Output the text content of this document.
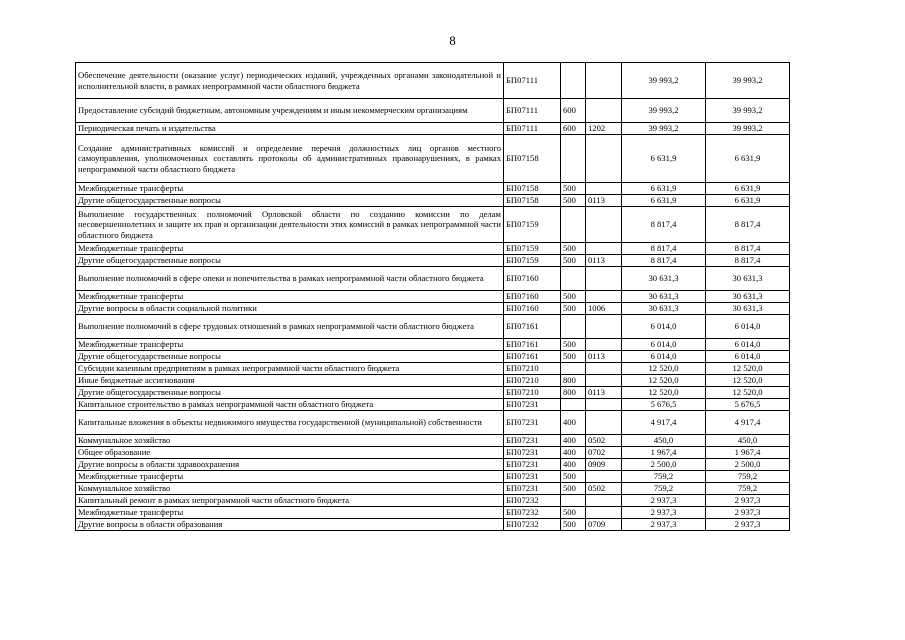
8
Обеспечение деятельности (оказание услуг) периодических изданий, учрежденных органами законодательной и исполнительной власти, в рамках непрограммной части областного бюджета	БП07111			39 993,2	39 993,2
Предоставление субсидий бюджетным, автономным учреждениям и иным некоммерческим организациям	БП07111	600		39 993,2	39 993,2
Периодическая печать и издательства	БП07111	600	1202	39 993,2	39 993,2
Создание административных комиссий и определение перечня должностных лиц органов местного самоуправления, уполномоченных составлять протоколы об административных правонарушениях, в рамках непрограммной части областного бюджета	БП07158			6 631,9	6 631,9
Межбюджетные трансферты	БП07158	500		6 631,9	6 631,9
Другие общегосударственные вопросы	БП07158	500	0113	6 631,9	6 631,9
Выполнение государственных полномочий Орловской области по созданию комиссии по делам несовершеннолетних и защите их прав и организации деятельности этих комиссий в рамках непрограммной части областного бюджета	БП07159			8 817,4	8 817,4
Межбюджетные трансферты	БП07159	500		8 817,4	8 817,4
Другие общегосударственные вопросы	БП07159	500	0113	8 817,4	8 817,4
Выполнение полномочий в сфере опеки и попечительства в рамках непрограммной части областного бюджета	БП07160			30 631,3	30 631,3
Межбюджетные трансферты	БП07160	500		30 631,3	30 631,3
Другие вопросы в области социальной политики	БП07160	500	1006	30 631,3	30 631,3
Выполнение полномочий в сфере трудовых отношений в рамках непрограммной части областного бюджета	БП07161			6 014,0	6 014,0
Межбюджетные трансферты	БП07161	500		6 014,0	6 014,0
Другие общегосударственные вопросы	БП07161	500	0113	6 014,0	6 014,0
Субсидии казенным предприятиям в рамках непрограммной части областного бюджета	БП07210			12 520,0	12 520,0
Иные бюджетные ассигнования	БП07210	800		12 520,0	12 520,0
Другие общегосударственные вопросы	БП07210	800	0113	12 520,0	12 520,0
Капитальное строительство в рамках непрограммной части областного бюджета	БП07231			5 676,5	5 676,5
Капитальные вложения в объекты недвижимого имущества государственной (муниципальной) собственности	БП07231	400		4 917,4	4 917,4
Коммунальное хозяйство	БП07231	400	0502	450,0	450,0
Общее образование	БП07231	400	0702	1 967,4	1 967,4
Другие вопросы в области здравоохранения	БП07231	400	0909	2 500,0	2 500,0
Межбюджетные трансферты	БП07231	500		759,2	759,2
Коммунальное хозяйство	БП07231	500	0502	759,2	759,2
Капитальный ремонт в рамках непрограммной части областного бюджета	БП07232			2 937,3	2 937,3
Межбюджетные трансферты	БП07232	500		2 937,3	2 937,3
Другие вопросы в области образования	БП07232	500	0709	2 937,3	2 937,3
